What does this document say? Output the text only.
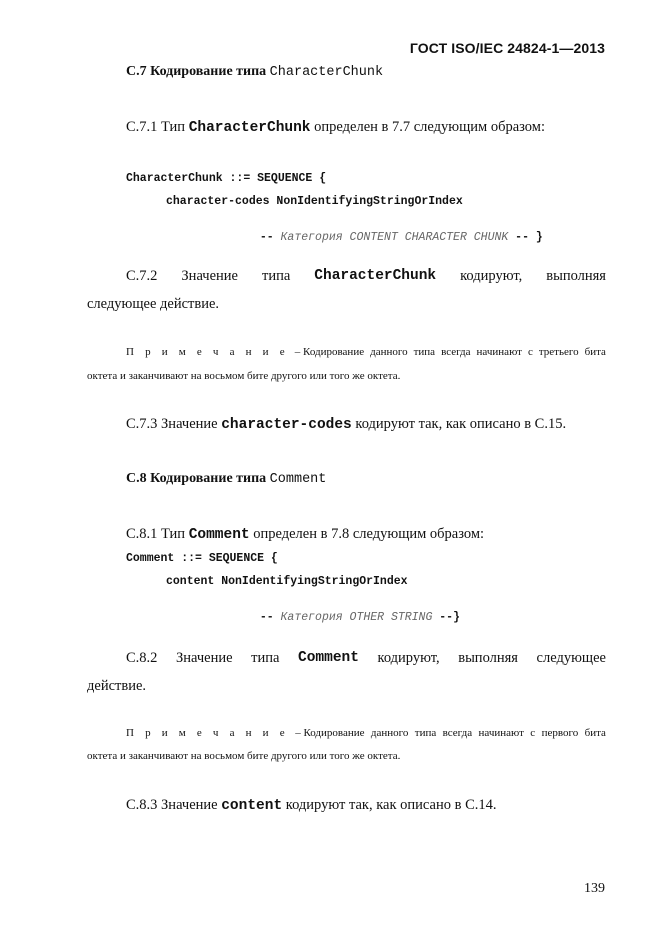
ГОСТ ISO/IEC 24824-1—2013
С.7 Кодирование типа CharacterChunk
С.7.1 Тип CharacterChunk определен в 7.7 следующим образом:
CharacterChunk ::= SEQUENCE {
character-codes NonIdentifyingStringOrIndex

-- Категория CONTENT CHARACTER CHUNK -- }

С.7.2 Значение типа CharacterChunk кодируют, выполняя
следующее действие.
П р и м е ч а н и е – Кодирование данного типа всегда начинают с третьего бита
октета и заканчивают на восьмом бите другого или того же октета.
С.7.3 Значение character-codes кодируют так, как описано в С.15.
С.8 Кодирование типа Comment
С.8.1 Тип Comment определен в 7.8 следующим образом:
Comment ::= SEQUENCE {
content NonIdentifyingStringOrIndex

-- Категория OTHER STRING --}

С.8.2 Значение типа Comment кодируют, выполняя следующее
действие.
П р и м е ч а н и е – Кодирование данного типа всегда начинают с первого бита
октета и заканчивают на восьмом бите другого или того же октета.
С.8.3 Значение content кодируют так, как описано в С.14.
139
